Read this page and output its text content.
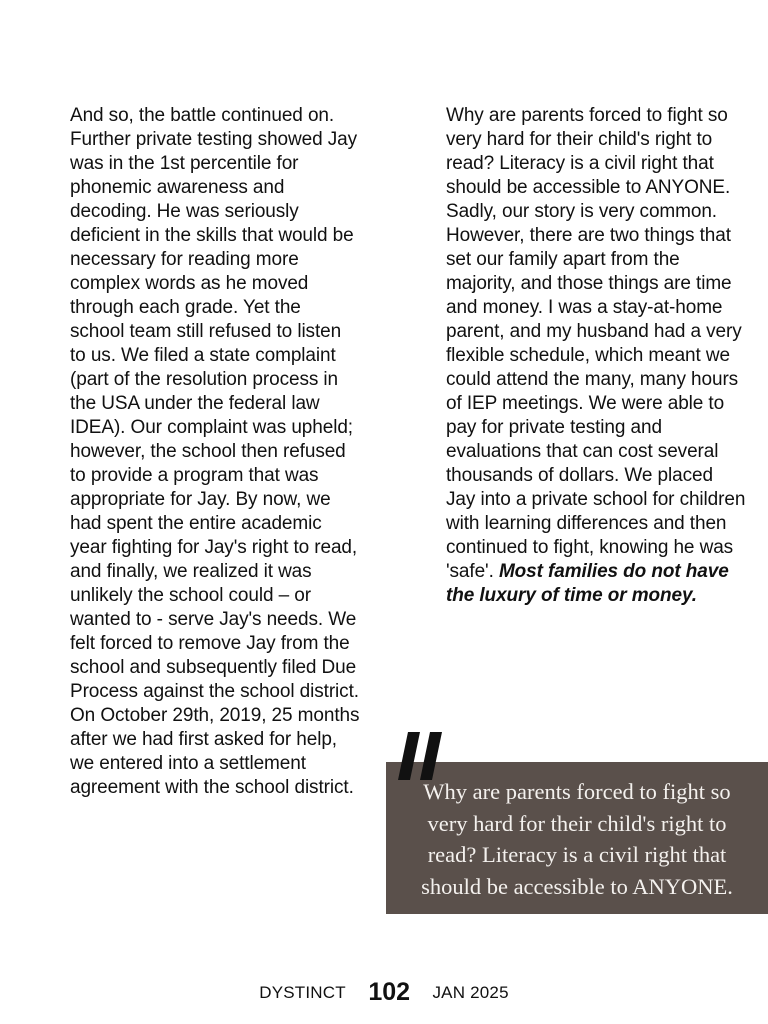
And so, the battle continued on. Further private testing showed Jay was in the 1st percentile for phonemic awareness and decoding. He was seriously deficient in the skills that would be necessary for reading more complex words as he moved through each grade. Yet the school team still refused to listen to us. We filed a state complaint (part of the resolution process in the USA under the federal law IDEA). Our complaint was upheld; however, the school then refused to provide a program that was appropriate for Jay. By now, we had spent the entire academic year fighting for Jay's right to read, and finally, we realized it was unlikely the school could – or wanted to - serve Jay's needs. We felt forced to remove Jay from the school and subsequently filed Due Process against the school district. On October 29th, 2019, 25 months after we had first asked for help, we entered into a settlement agreement with the school district.

Why are parents forced to fight so very hard for their child's right to read? Literacy is a civil right that should be accessible to ANYONE. Sadly, our story is very common. However, there are two things that set our family apart from the majority, and those things are time and money. I was a stay-at-home parent, and my husband had a very flexible schedule, which meant we could attend the many, many hours of IEP meetings. We were able to pay for private testing and evaluations that can cost several thousands of dollars. We placed Jay into a private school for children with learning differences and then continued to fight, knowing he was 'safe'. Most families do not have the luxury of time or money.

Why are parents forced to fight so very hard for their child's right to read? Literacy is a civil right that should be accessible to ANYONE.

DYSTINCT 102 JAN 2025
